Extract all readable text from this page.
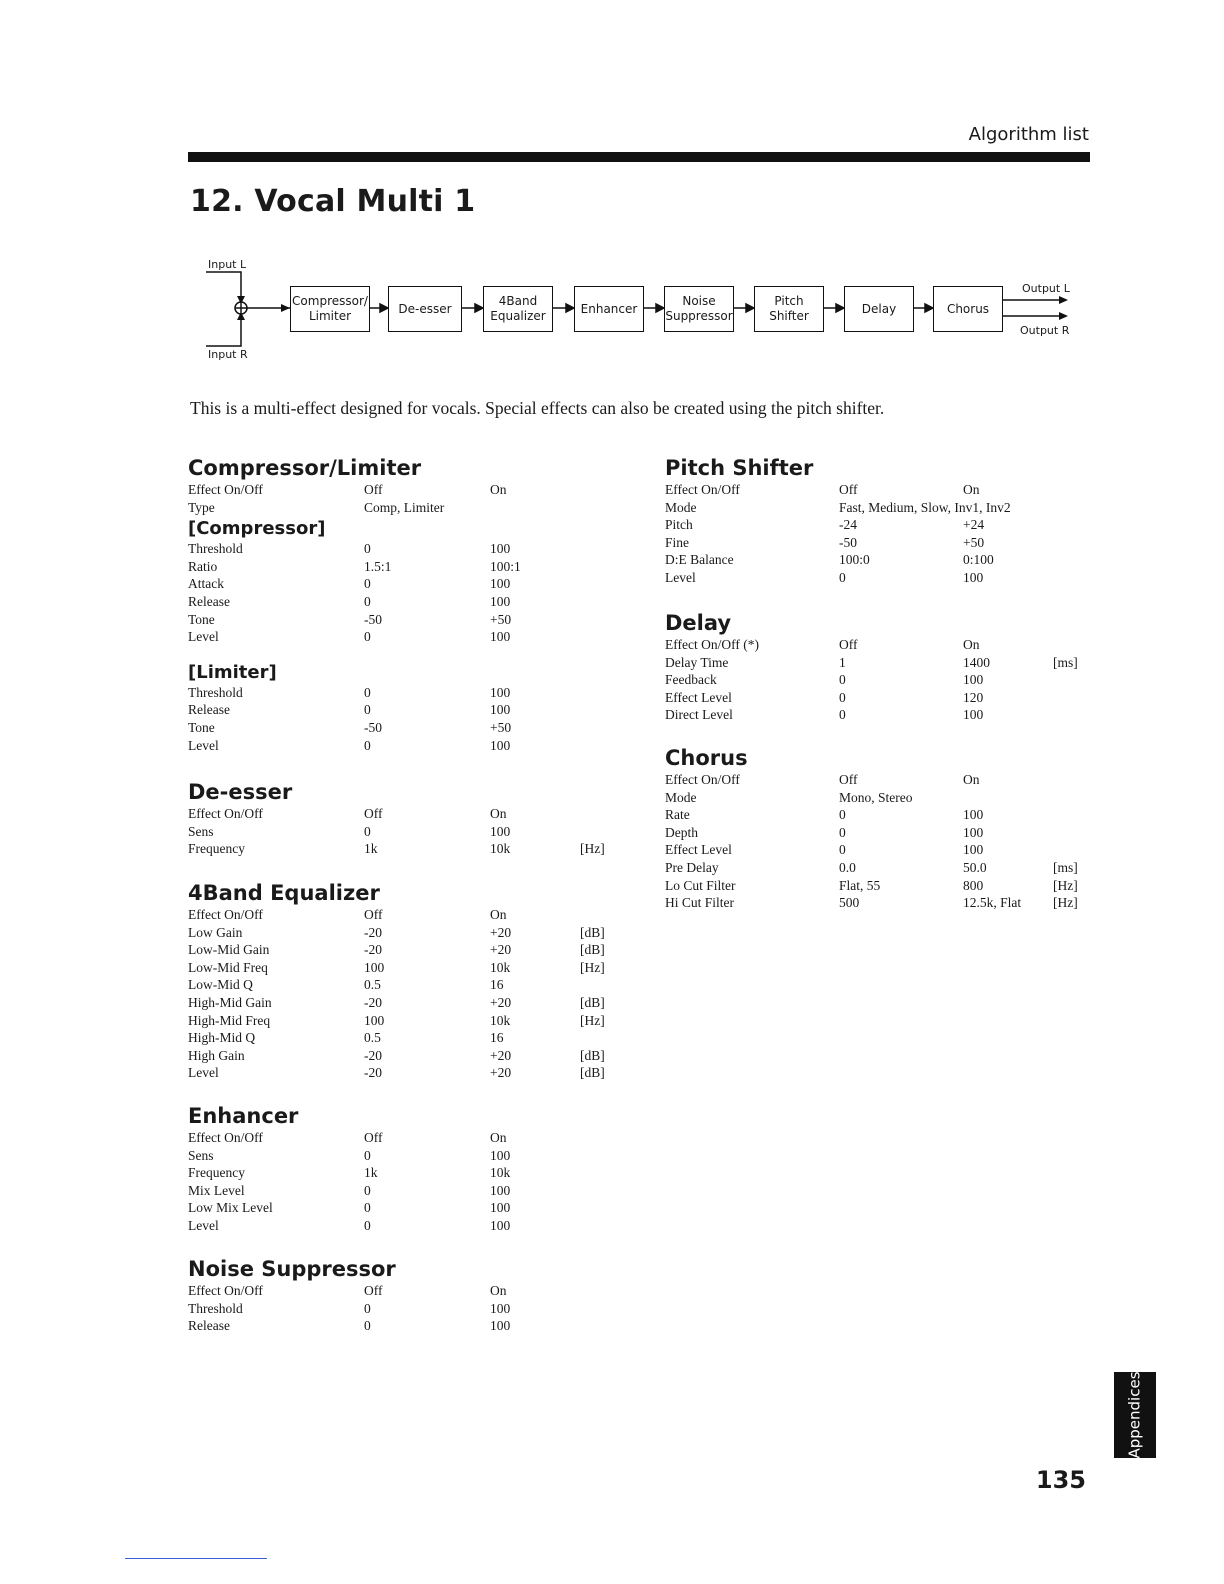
Algorithm list
12. Vocal Multi 1
Input L
Input R
Output L
Output R
Compressor/
Limiter
De-esser
4Band
Equalizer
Enhancer
Noise
Suppressor
Pitch
Shifter
Delay	Chorus

This is a multi-effect designed for vocals. Special effects can also be created using the pitch shifter.

Compressor/Limiter
Effect On/Off	Off	On
Type	Comp, Limiter
[Compressor]
Threshold	0	100
Ratio	1.5:1	100:1
Attack	0	100
Release	0	100
Tone	-50	+50
Level	0	100
[Limiter]
Threshold	0	100
Release	0	100
Tone	-50	+50
Level	0	100
De-esser
Effect On/Off	Off	On
Sens	0	100
Frequency	1k	10k	[Hz]
4Band Equalizer
Effect On/Off	Off	On
Low Gain	-20	+20	[dB]
Low-Mid Gain	-20	+20	[dB]
Low-Mid Freq	100	10k	[Hz]
Low-Mid Q	0.5	16
High-Mid Gain	-20	+20	[dB]
High-Mid Freq	100	10k	[Hz]
High-Mid Q	0.5	16
High Gain	-20	+20	[dB]
Level	-20	+20	[dB]
Enhancer
Effect On/Off	Off	On
Sens	0	100
Frequency	1k	10k
Mix Level	0	100
Low Mix Level	0	100
Level	0	100
Noise Suppressor
Effect On/Off	Off	On
Threshold	0	100
Release	0	100
Pitch Shifter
Effect On/Off	Off	On
Mode	Fast, Medium, Slow, Inv1, Inv2
Pitch	-24	+24
Fine	-50	+50
D:E Balance	100:0	0:100
Level	0	100
Delay
Effect On/Off (*)	Off	On
Delay Time	1	1400	[ms]
Feedback	0	100
Effect Level	0	120
Direct Level	0	100
Chorus
Effect On/Off	Off	On
Mode	Mono, Stereo
Rate	0	100
Depth	0	100
Effect Level	0	100
Pre Delay	0.0	50.0	[ms]
Lo Cut Filter	Flat, 55	800	[Hz]
Hi Cut Filter	500	12.5k, Flat [Hz]
Appendices
135
